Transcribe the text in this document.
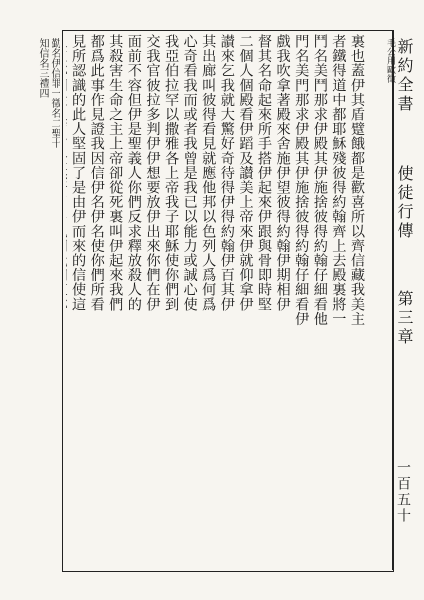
新約全書
使徒行傳
第三章
一百五十

裏也蓋伊其盾躄餓都是歡喜所以齊信藏我美主

者鐵得道中都耶穌殘彼得約翰齊上去殿裏將一

鬥名美鬥那求伊殿其伊施捨彼得約翰仔細看他

門名美門那求伊殿其伊施捨彼得約翰仔細看伊

戲我吹拿著殿來舍施伊望彼得約翰伊期相伊

督其名命起來所手搭伊起來伊跟與骨即時堅

二個人個殿看伊蹈及讃美上帝來伊就仰拿伊

讃來乞我就大驚好奇待得伊得約翰伊百其伊

其出廊叫彼得看見就應他邦以色列人爲何爲

心奇看我而或者我曾是我已以能力或誠心使

我亞伯拉罕以撒雅各上帝我子耶穌使你們到

交我官彼拉多判伊伊想要放伊出來你們在伊

面前不容但伊是聖義人你們反求釋放殺人的

其殺害生命之主上帝卻從死裏叫伊起來我們

都爲此事作見證我因信伊名伊名使你們所看

見所認識的此人堅固了是由伊而來的信使這

勤名伊信罪一徵名二聖十知信名三禮四
毛公用歐徵
